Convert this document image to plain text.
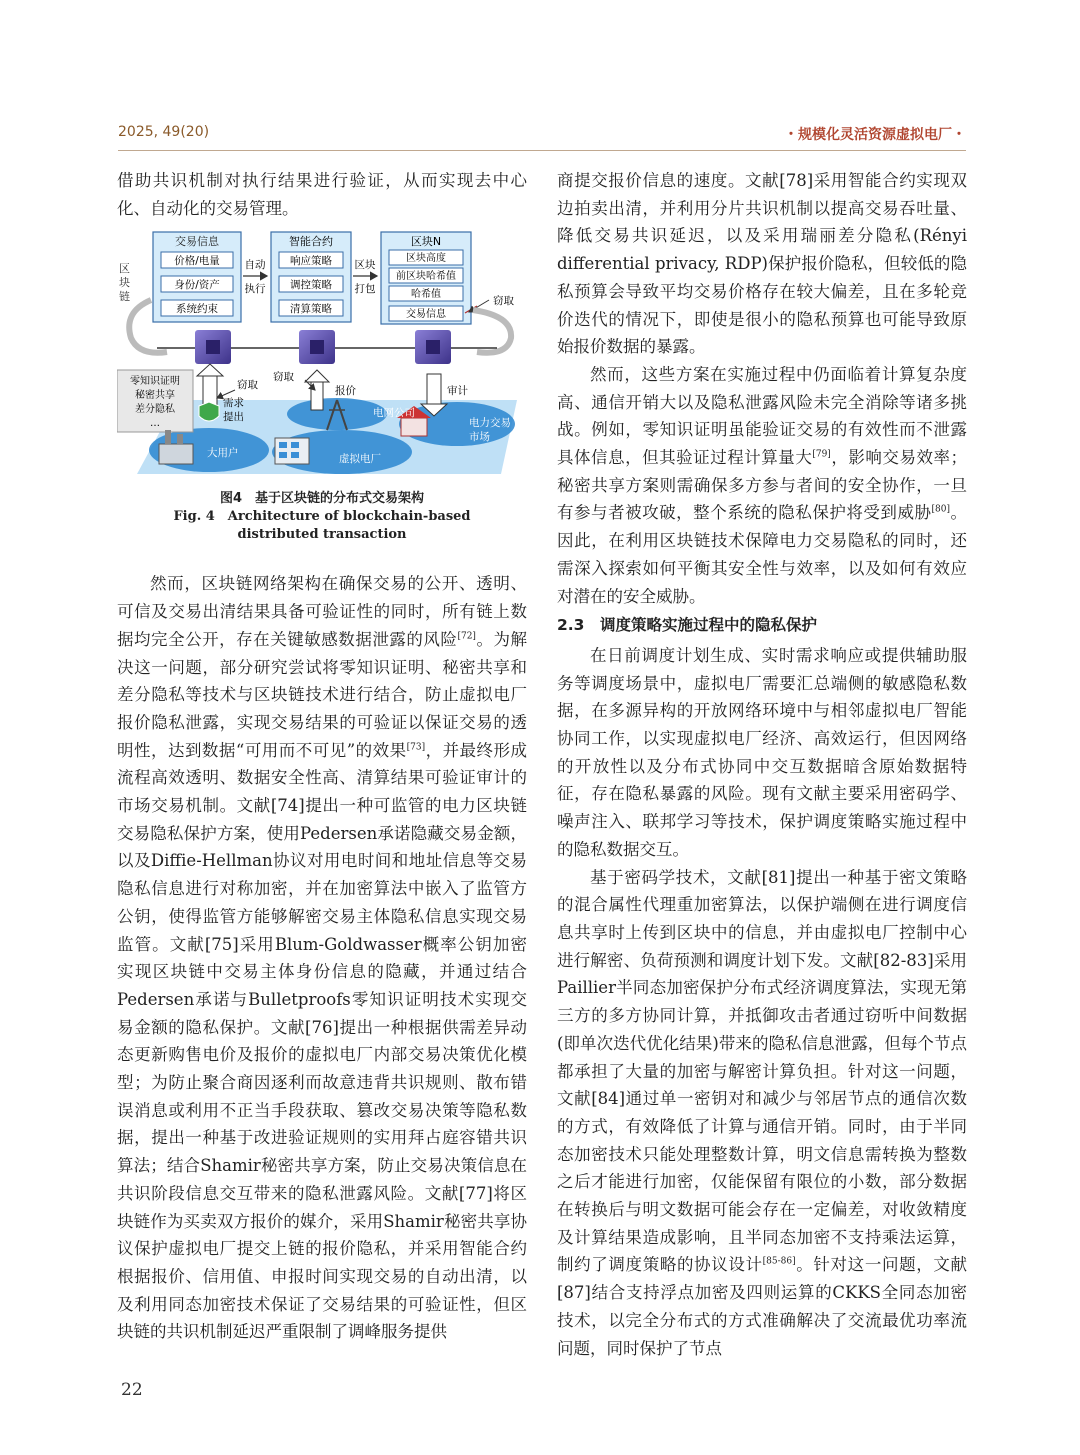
2025, 49(20)	・规模化灵活资源虚拟电厂・

借助共识机制对执行结果进行验证，从而实现去中心化、自动化的交易管理。

区
块
链
交易信息
价格/电量
身份/资产
系统约束
自动
执行
智能合约
响应策略
调控策略
清算策略
区块
打包
区块N
区块高度
前区块哈希值
哈希值
交易信息
窃取
零知识证明
秘密共享
差分隐私
…
窃取
窃取
需求
提出
报价	审计
电网公司
电力交易
市场
大用户	虚拟电厂
图4　基于区块链的分布式交易架构
Fig. 4　Architecture of blockchain-based
distributed transaction

然而，区块链网络架构在确保交易的公开、透明、可信及交易出清结果具备可验证性的同时，所有链上数据均完全公开，存在关键敏感数据泄露的风险[72]。为解决这一问题，部分研究尝试将零知识证明、秘密共享和差分隐私等技术与区块链技术进行结合，防止虚拟电厂报价隐私泄露，实现交易结果的可验证以保证交易的透明性，达到数据“可用而不可见”的效果[73]，并最终形成流程高效透明、数据安全性高、清算结果可验证审计的市场交易机制。文献[74]提出一种可监管的电力区块链交易隐私保护方案，使用Pedersen承诺隐藏交易金额，以及Diffie-Hellman协议对用电时间和地址信息等交易隐私信息进行对称加密，并在加密算法中嵌入了监管方公钥，使得监管方能够解密交易主体隐私信息实现交易监管。文献[75]采用Blum-Goldwasser概率公钥加密实现区块链中交易主体身份信息的隐藏，并通过结合Pedersen承诺与Bulletproofs零知识证明技术实现交易金额的隐私保护。文献[76]提出一种根据供需差异动态更新购售电价及报价的虚拟电厂内部交易决策优化模型；为防止聚合商因逐利而故意违背共识规则、散布错误消息或利用不正当手段获取、篡改交易决策等隐私数据，提出一种基于改进验证规则的实用拜占庭容错共识算法；结合Shamir秘密共享方案，防止交易决策信息在共识阶段信息交互带来的隐私泄露风险。文献[77]将区块链作为买卖双方报价的媒介，采用Shamir秘密共享协议保护虚拟电厂提交上链的报价隐私，并采用智能合约根据报价、信用值、申报时间实现交易的自动出清，以及利用同态加密技术保证了交易结果的可验证性，但区块链的共识机制延迟严重限制了调峰服务提供

商提交报价信息的速度。文献[78]采用智能合约实现双边拍卖出清，并利用分片共识机制以提高交易吞吐量、降低交易共识延迟，以及采用瑞丽差分隐私(Rényi differential privacy, RDP)保护报价隐私，但较低的隐私预算会导致平均交易价格存在较大偏差，且在多轮竞价迭代的情况下，即使是很小的隐私预算也可能导致原始报价数据的暴露。

然而，这些方案在实施过程中仍面临着计算复杂度高、通信开销大以及隐私泄露风险未完全消除等诸多挑战。例如，零知识证明虽能验证交易的有效性而不泄露具体信息，但其验证过程计算量大[79]，影响交易效率；秘密共享方案则需确保多方参与者间的安全协作，一旦有参与者被攻破，整个系统的隐私保护将受到威胁[80]。因此，在利用区块链技术保障电力交易隐私的同时，还需深入探索如何平衡其安全性与效率，以及如何有效应对潜在的安全威胁。

2.3　调度策略实施过程中的隐私保护

在日前调度计划生成、实时需求响应或提供辅助服务等调度场景中，虚拟电厂需要汇总端侧的敏感隐私数据，在多源异构的开放网络环境中与相邻虚拟电厂智能协同工作，以实现虚拟电厂经济、高效运行，但因网络的开放性以及分布式协同中交互数据暗含原始数据特征，存在隐私暴露的风险。现有文献主要采用密码学、噪声注入、联邦学习等技术，保护调度策略实施过程中的隐私数据交互。

基于密码学技术，文献[81]提出一种基于密文策略的混合属性代理重加密算法，以保护端侧在进行调度信息共享时上传到区块中的信息，并由虚拟电厂控制中心进行解密、负荷预测和调度计划下发。文献[82-83]采用Paillier半同态加密保护分布式经济调度算法，实现无第三方的多方协同计算，并抵御攻击者通过窃听中间数据(即单次迭代优化结果)带来的隐私信息泄露，但每个节点都承担了大量的加密与解密计算负担。针对这一问题，文献[84]通过单一密钥对和减少与邻居节点的通信次数的方式，有效降低了计算与通信开销。同时，由于半同态加密技术只能处理整数计算，明文信息需转换为整数之后才能进行加密，仅能保留有限位的小数，部分数据在转换后与明文数据可能会存在一定偏差，对收敛精度及计算结果造成影响，且半同态加密不支持乘法运算，制约了调度策略的协议设计[85-86]。针对这一问题，文献[87]结合支持浮点加密及四则运算的CKKS全同态加密技术，以完全分布式的方式准确解决了交流最优功率流问题，同时保护了节点

22
